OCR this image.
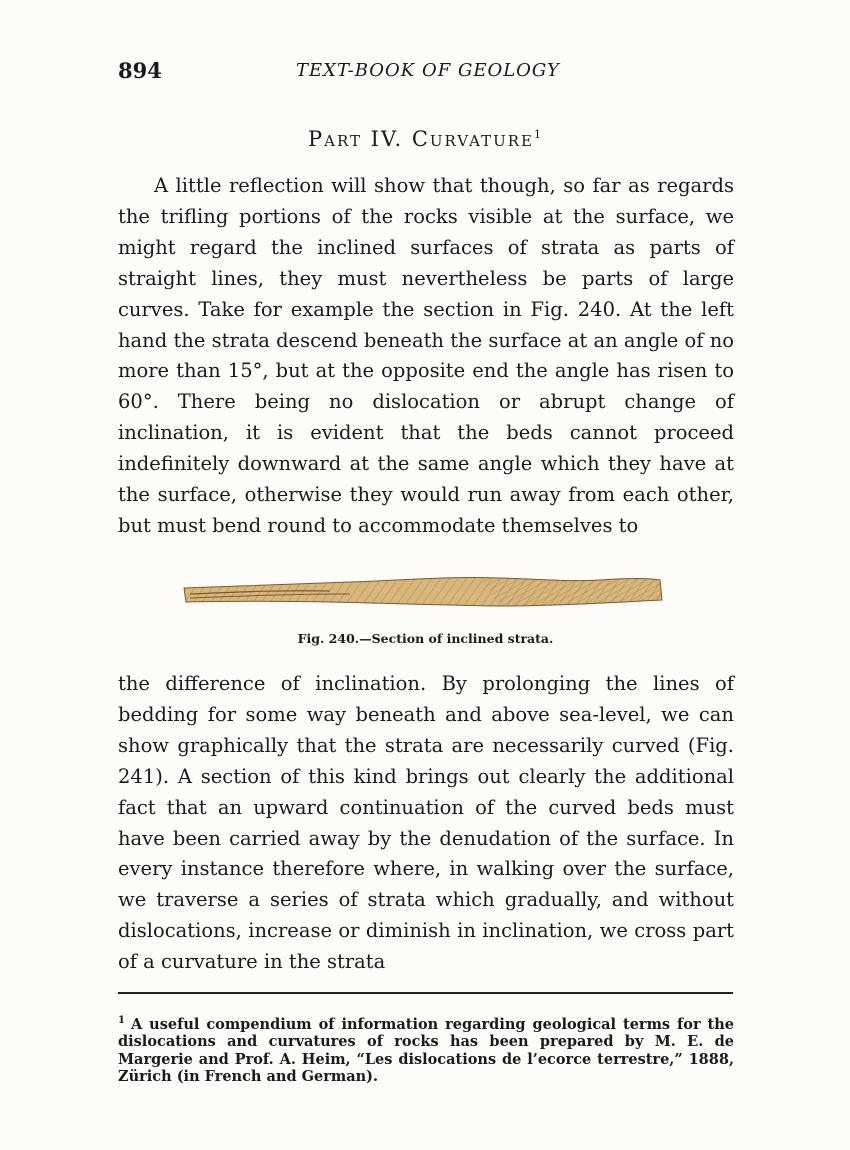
894	TEXT-BOOK OF GEOLOGY
Part IV. Curvature$^1$

A little reflection will show that though, so far as regards the trifling portions of the rocks visible at the surface, we might regard the inclined surfaces of strata as parts of straight lines, they must nevertheless be parts of large curves. Take for example the section in Fig. 240. At the left hand the strata descend beneath the surface at an angle of no more than 15°, but at the opposite end the angle has risen to 60°. There being no dislocation or abrupt change of inclination, it is evident that the beds cannot proceed indefinitely downward at the same angle which they have at the surface, otherwise they would run away from each other, but must bend round to accommodate themselves to

Fig. 240.—Section of inclined strata.

the difference of inclination. By prolonging the lines of bedding for some way beneath and above sea-level, we can show graphically that the strata are necessarily curved (Fig. 241). A section of this kind brings out clearly the additional fact that an upward continuation of the curved beds must have been carried away by the denudation of the surface. In every instance therefore where, in walking over the surface, we traverse a series of strata which gradually, and without dislocations, increase or diminish in inclination, we cross part of a curvature in the strata

$^1$ A useful compendium of information regarding geological terms for the dislocations and curvatures of rocks has been prepared by M. E. de Margerie and Prof. A. Heim, “Les dislocations de l’ecorce terrestre,” 1888, Zürich (in French and German).
